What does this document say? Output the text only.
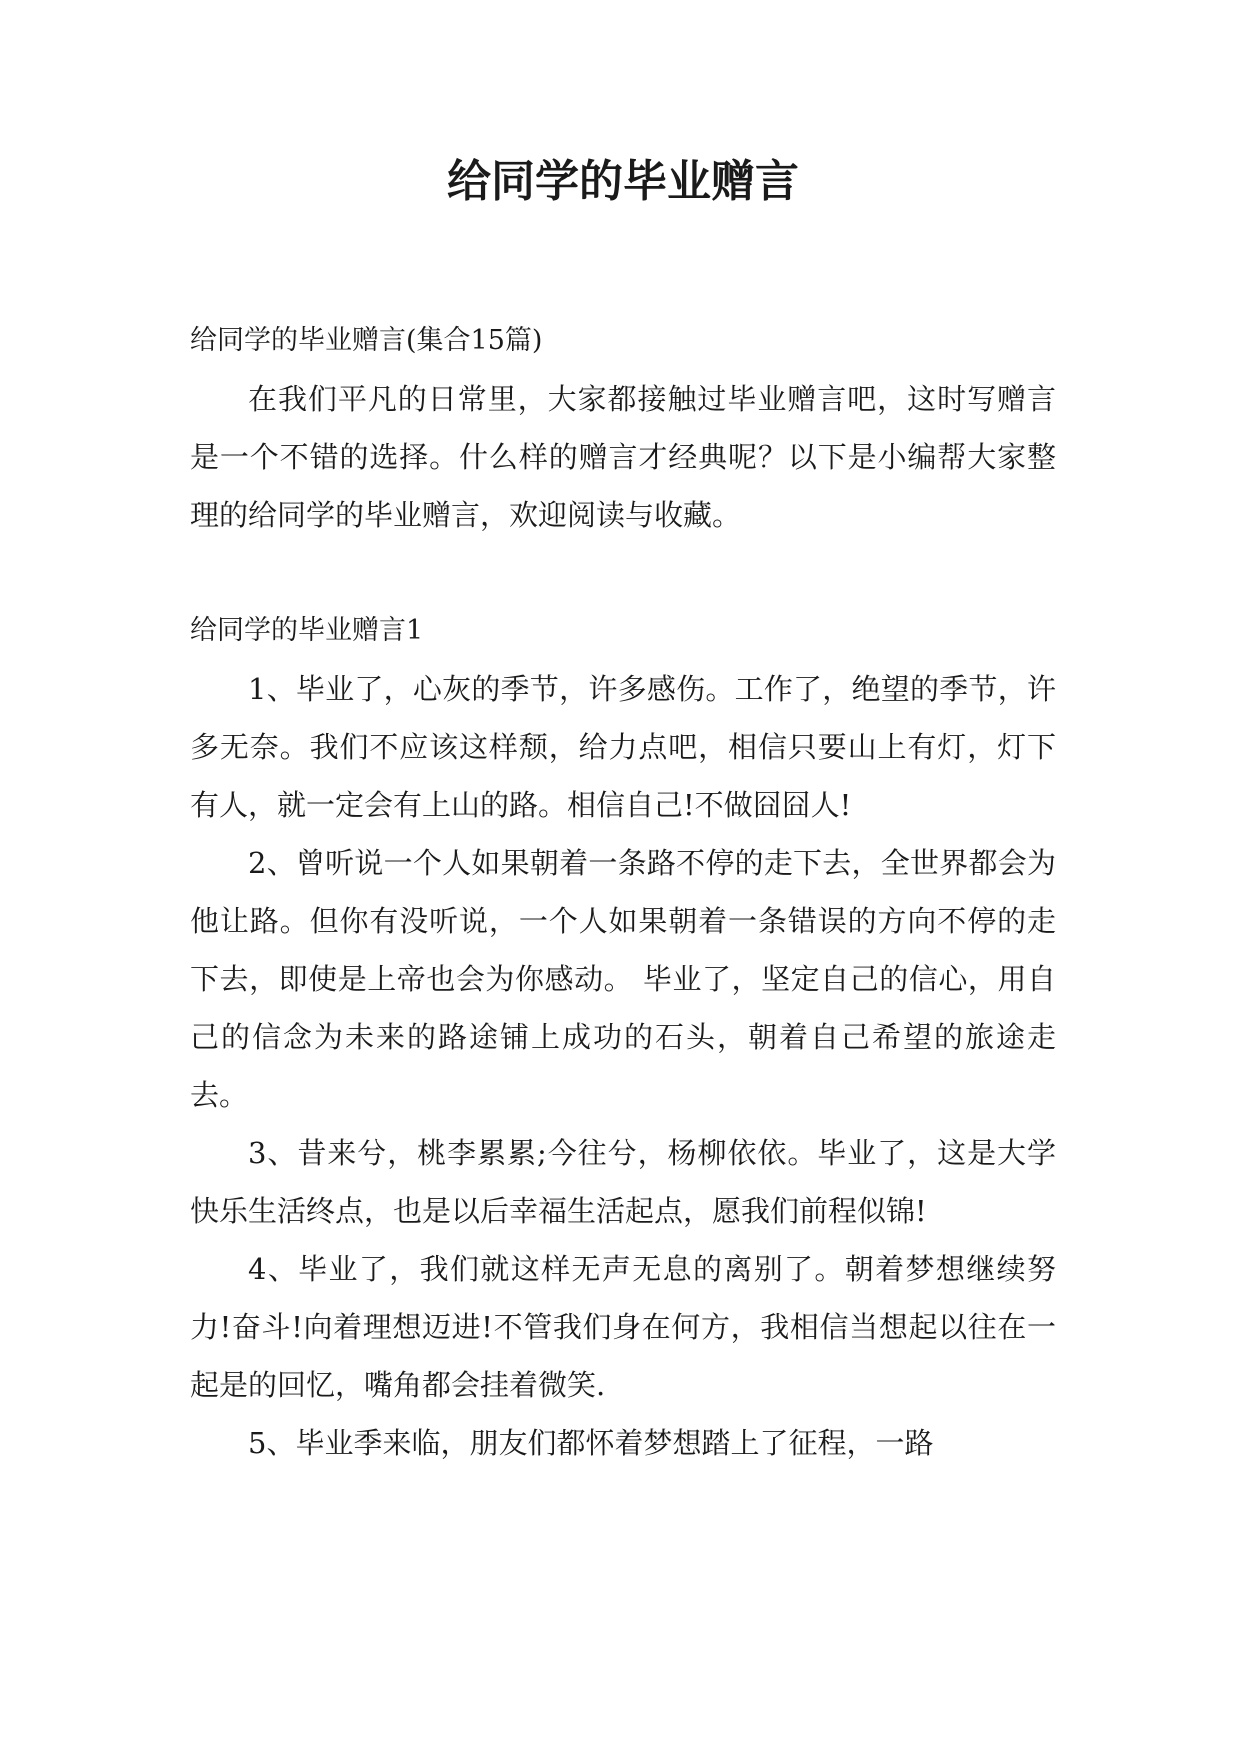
给同学的毕业赠言

给同学的毕业赠言(集合15篇)

在我们平凡的日常里，大家都接触过毕业赠言吧，这时写赠言是一个不错的选择。什么样的赠言才经典呢？以下是小编帮大家整理的给同学的毕业赠言，欢迎阅读与收藏。

给同学的毕业赠言1

1、毕业了，心灰的季节，许多感伤。工作了，绝望的季节，许多无奈。我们不应该这样颓，给力点吧，相信只要山上有灯，灯下有人，就一定会有上山的路。相信自己!不做囧囧人!

2、曾听说一个人如果朝着一条路不停的走下去，全世界都会为他让路。但你有没听说，一个人如果朝着一条错误的方向不停的走下去，即使是上帝也会为你感动。 毕业了，坚定自己的信心，用自己的信念为未来的路途铺上成功的石头，朝着自己希望的旅途走去。

3、昔来兮，桃李累累;今往兮，杨柳依依。毕业了，这是大学快乐生活终点，也是以后幸福生活起点，愿我们前程似锦!

4、毕业了，我们就这样无声无息的离别了。朝着梦想继续努力!奋斗!向着理想迈进!不管我们身在何方，我相信当想起以往在一起是的回忆，嘴角都会挂着微笑.

5、毕业季来临，朋友们都怀着梦想踏上了征程，一路
